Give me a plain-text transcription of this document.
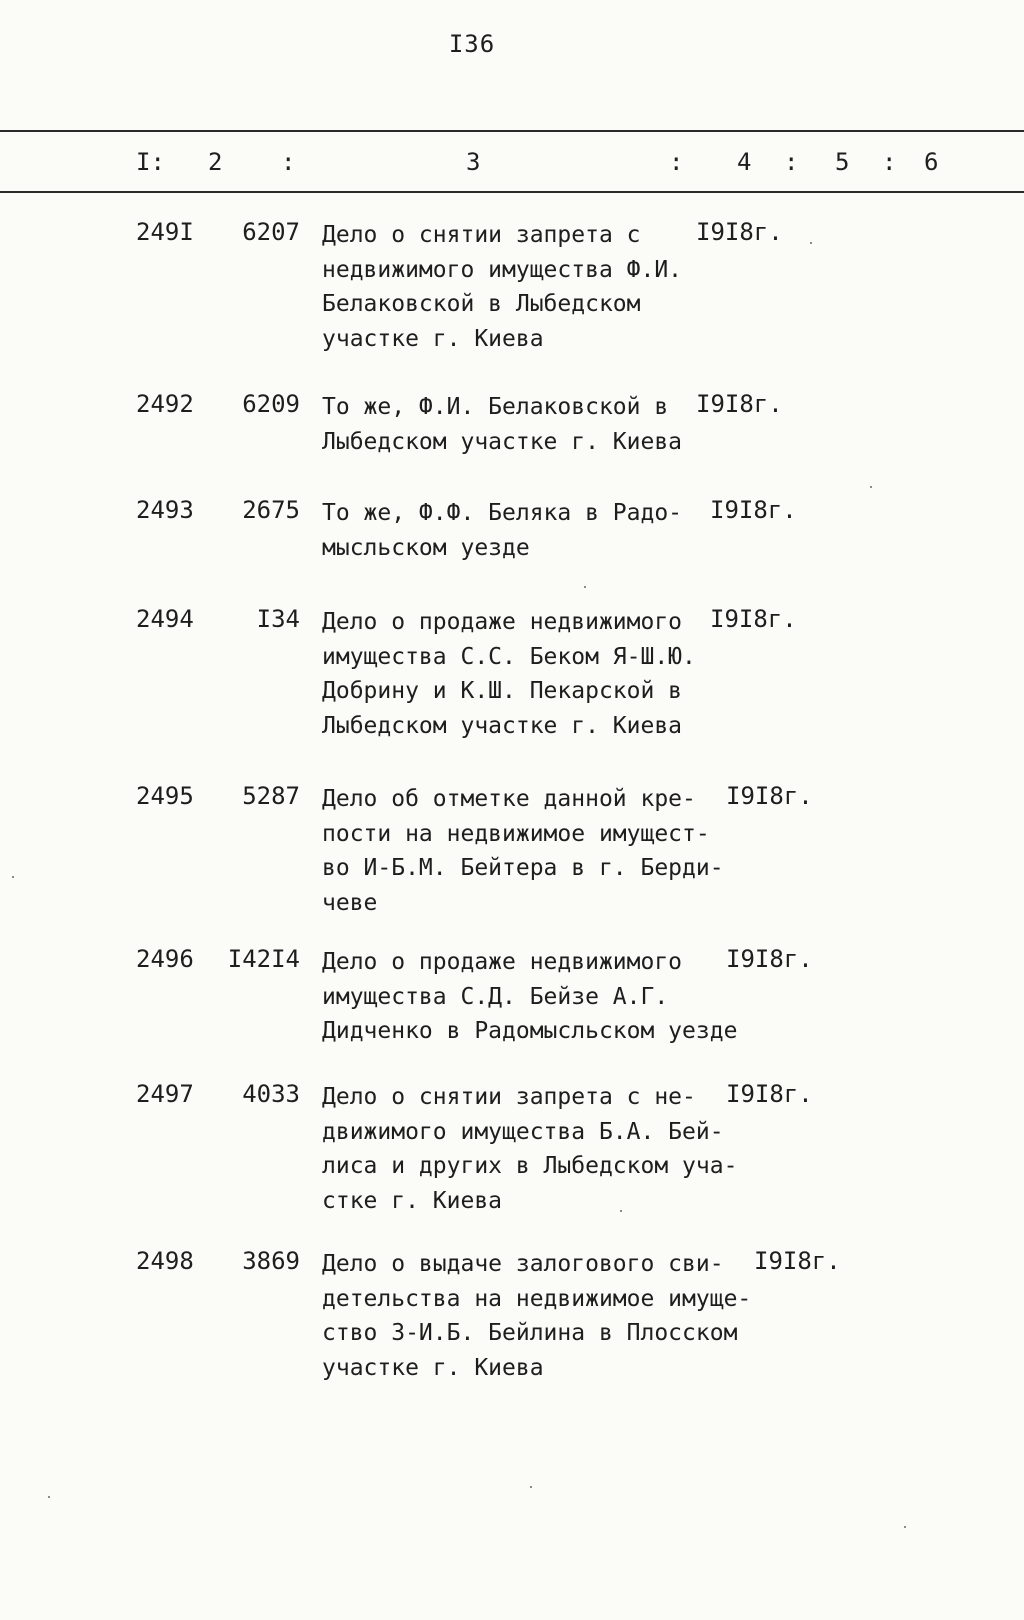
I36
I: 2 :	3	: 4 : 5 : 6
249I	6207 Дело о снятии запрета с
недвижимого имущества Ф.И.
Белаковской в Лыбедском
участке г. Киева
I9I8г.
2492	6209 То же, Ф.И. Белаковской в
Лыбедском участке г. Киева
I9I8г.
2493	2675 То же, Ф.Ф. Беляка в Радо-
мысльском уезде
I9I8г.
2494	I34 Дело о продаже недвижимого
имущества С.С. Беком Я-Ш.Ю.
Добрину и К.Ш. Пекарской в
Лыбедском участке г. Киева
I9I8г.
2495	5287 Дело об отметке данной кре-
пости на недвижимое имущест-
во И-Б.М. Бейтера в г. Берди-
чеве
I9I8г.
2496	I42I4 Дело о продаже недвижимого
имущества С.Д. Бейзе А.Г.
Дидченко в Радомысльском уезде
I9I8г.
2497	4033 Дело о снятии запрета с не-
движимого имущества Б.А. Бей-
лиса и других в Лыбедском уча-
стке г. Киева
I9I8г.
2498	3869 Дело о выдаче залогового сви-
детельства на недвижимое имуще-
ство З-И.Б. Бейлина в Плосском
участке г. Киева
I9I8г.
